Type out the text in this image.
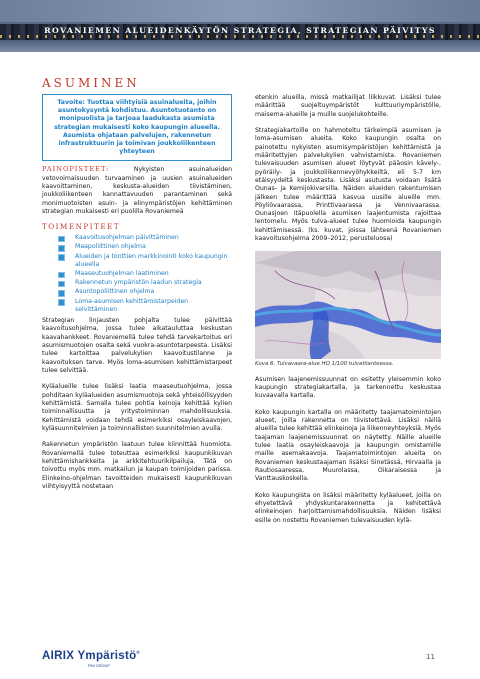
ROVANIEMEN ALUEIDENKÄYTÖN STRATEGIA, STRATEGIAN PÄIVITYS
ASUMINEN
Tavoite: Tuottaa viihtyisiä asuinalueita, joihin asuntokysyntä kohdistuu. Asuntotuotanto on monipuolista ja tarjoaa laadukasta asumista strategian mukaisesti koko kaupungin alueella. Asumista ohjataan palvelujen, rakennetun infrastruktuurin ja toimivan joukkoliikenteen yhteyteen

PAINOPISTEET: Nykyisten asuinalueiden vetovoimaisuuden turvaaminen ja uusien asuinalueiden kaavoittaminen, keskusta-alueiden tiivistäminen, joukkoliikenteen kannattavuuden parantaminen sekä monimuotoisten asuin- ja elinympäristöjen kehittäminen strategian mukaisesti eri puolilla Rovaniemeä

TOIMENPITEET
Kaavoitusohjelman päivittäminen
Maapoliittinen ohjelma
Alueiden ja tonttien markkinointi koko kaupungin alueella
Maaseutuohjelman laatiminen
Rakennetun ympäristön laadun strategia
Asuntopoliittinen ohjelma
Loma-asumisen kehittämistarpeiden selvittäminen

Strategian linjausten pohjalta tulee päivittää kaavoitusohjelma, jossa tulee aikatauluttaa keskustan kaavahankkeet. Rovaniemellä tulee tehdä tarvekartoitus eri asumismuotojen osalta sekä vuokra-asuntotarpeesta. Lisäksi tulee kartoittaa palvelukylien kaavoitustilanne ja kaavoituksen tarve. Myös loma-asumisen kehittämistarpeet tulee selvittää.

Kyläalueille tulee lisäksi laatia maaseutuohjelma, jossa pohditaan kyläalueiden asumismuotoja sekä yhteisöllisyyden kehittämistä. Samalla tulee pohtia keinoja kehittää kylien toiminnallisuutta ja yritystoiminnan mahdollisuuksia. Kehittämistä voidaan tehdä esimerkiksi osayleiskaavojen, kyläsuunnitelmien ja toiminnallisten suunnitelmien avulla.

Rakennetun ympäristön laatuun tulee kiinnittää huomiota. Rovaniemellä tulee toteuttaa esimerkiksi kaupunkikuvan kehittämishankkeita ja arkkitehtuurikilpailuja. Tätä on toivottu myös mm. matkailun ja kaupan toimijoiden parissa. Elinkeino-ohjelman tavoitteiden mukaisesti kaupunkikuvan viihtyisyyttä nostetaan

etenkin alueilla, missä matkailijat liikkuvat. Lisäksi tulee määrittää suojeltuympäristöt kulttuuriympäristölle, maisema-alueille ja muille suojelukohteille.

Strategiakartoille on hahmoteltu tärkeimpiä asumisen ja loma-asumisen alueita. Koko kaupungin osalta on painotettu nykyisten asumisympäristöjen kehittämistä ja määritettyjen palvelukylien vahvistamista. Rovaniemen tulevaisuuden asumisen alueet löytyvät pääosin kävely-, pyöräily- ja joukkoliikennevyöhykkeiltä, eli 5-7 km etäisyydeltä keskustasta. Lisäksi asutusta voidaan lisätä Ounas- ja Kemijokivarsilla. Näiden alueiden rakentumisen jälkeen tulee määrittää kasvua uusille alueille mm. Pöyliövaarassa, Printtivaarassa ja Vennivaarassa. Ounasjoen itäpuolella asumisen laajentumista rajoittaa lentomelu. Myös tulva-alueet tulee huomioida kaupungin kehittämisessä. (ks. kuvat, joissa lähteenä Rovaniemen kaavoitusohjelma 2009–2012, perusteluosa)

Kuva 6. Tulvavaara-alue HQ 1/100 tulvatilanteessa.

Asumisen laajenemissuunnat on esitetty yleisemmin koko kaupungin strategiakartalla, ja tarkennettu keskustaa kuvaavalla kartalla.

Koko kaupungin kartalla on määritetty taajamatoimintojen alueet, joilla rakennetta on tiivistettävä. Lisäksi näillä alueilla tulee kehittää elinkeinoja ja liikenneyhteyksiä. Myös taajaman laajenemissuunnat on näytetty. Näille alueille tulee laatia osayleiskaavoja ja kaupungin omistamille maille asemakaavoja. Taajamatoimintojen alueita on Rovaniemen keskustaajaman lisäksi Sinetässä, Hirvaalla ja Rautiosaaressa, Muurolassa, Oikaraisessa ja Vanttauskoskella.

Koko kaupungista on lisäksi määritetty kyläalueet, joilla on ehyetettävä yhdyskuntarakennetta ja kehitettävä elinkeinojen harjoittamismahdollisuuksia. Näiden lisäksi esille on nostettu Rovaniemen tulevaisuuden kylä-

AIRIX Ympäristö®
PMI GROUP
11
